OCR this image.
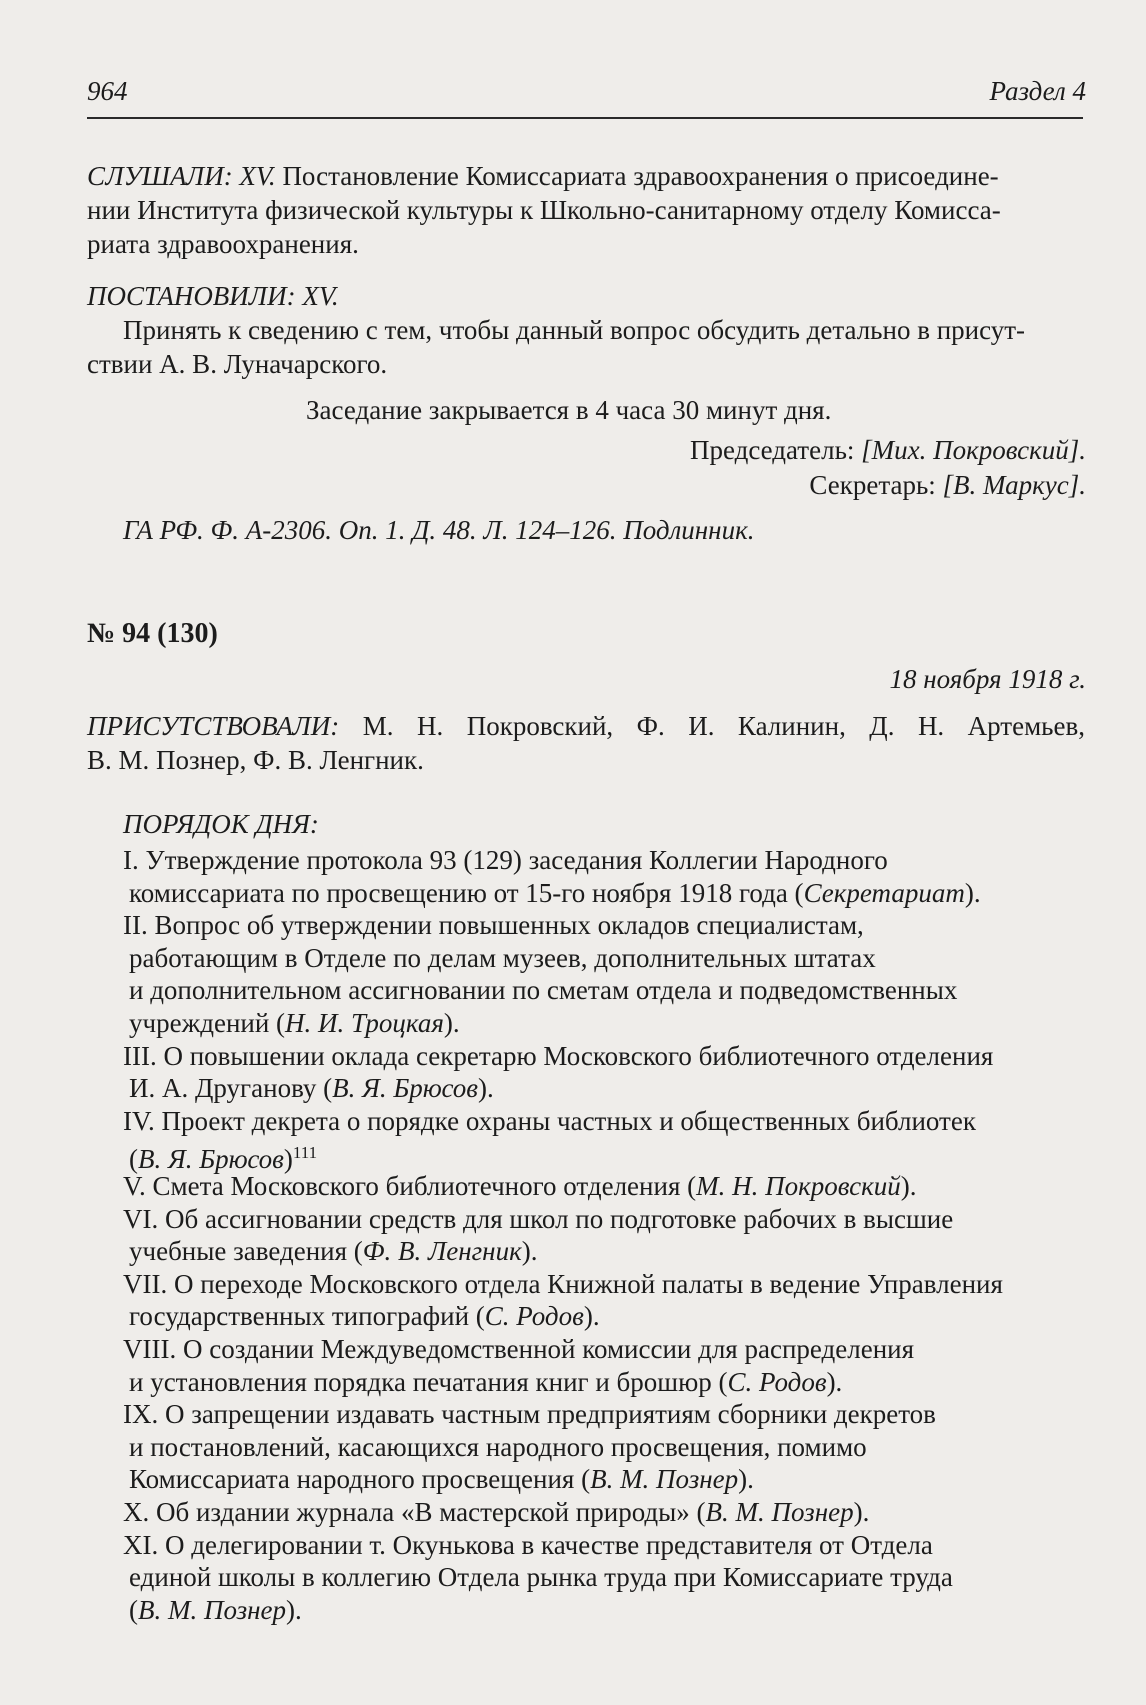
964	Раздел 4
СЛУШАЛИ: XV. Постановление Комиссариата здравоохранения о присоедине-
нии Института физической культуры к Школьно-санитарному отделу Комисса-
риата здравоохранения.
ПОСТАНОВИЛИ: XV.
Принять к сведению с тем, чтобы данный вопрос обсудить детально в присут-
ствии А. В. Луначарского.
Заседание закрывается в 4 часа 30 минут дня.
Председатель: [Мих. Покровский].
Секретарь: [В. Маркус].
ГА РФ. Ф. А-2306. Оп. 1. Д. 48. Л. 124–126. Подлинник.
№ 94 (130)
18 ноября 1918 г.
ПРИСУТСТВОВАЛИ: М. Н. Покровский, Ф. И. Калинин, Д. Н. Артемьев,
В. М. Познер, Ф. В. Ленгник.
ПОРЯДОК ДНЯ:
I. Утверждение протокола 93 (129) заседания Коллегии Народного
комиссариата по просвещению от 15-го ноября 1918 года (Секретариат).
II. Вопрос об утверждении повышенных окладов специалистам,
работающим в Отделе по делам музеев, дополнительных штатах
и дополнительном ассигновании по сметам отдела и подведомственных
учреждений (Н. И. Троцкая).
III. О повышении оклада секретарю Московского библиотечного отделения
И. А. Друганову (В. Я. Брюсов).
IV. Проект декрета о порядке охраны частных и общественных библиотек
(В. Я. Брюсов)$^{111}$
V. Смета Московского библиотечного отделения (М. Н. Покровский).
VI. Об ассигновании средств для школ по подготовке рабочих в высшие
учебные заведения (Ф. В. Ленгник).
VII. О переходе Московского отдела Книжной палаты в ведение Управления
государственных типографий (С. Родов).
VIII. О создании Междуведомственной комиссии для распределения
и установления порядка печатания книг и брошюр (С. Родов).
IX. О запрещении издавать частным предприятиям сборники декретов
и постановлений, касающихся народного просвещения, помимо
Комиссариата народного просвещения (В. М. Познер).
X. Об издании журнала «В мастерской природы» (В. М. Познер).
XI. О делегировании т. Окунькова в качестве представителя от Отдела
единой школы в коллегию Отдела рынка труда при Комиссариате труда
(В. М. Познер).
